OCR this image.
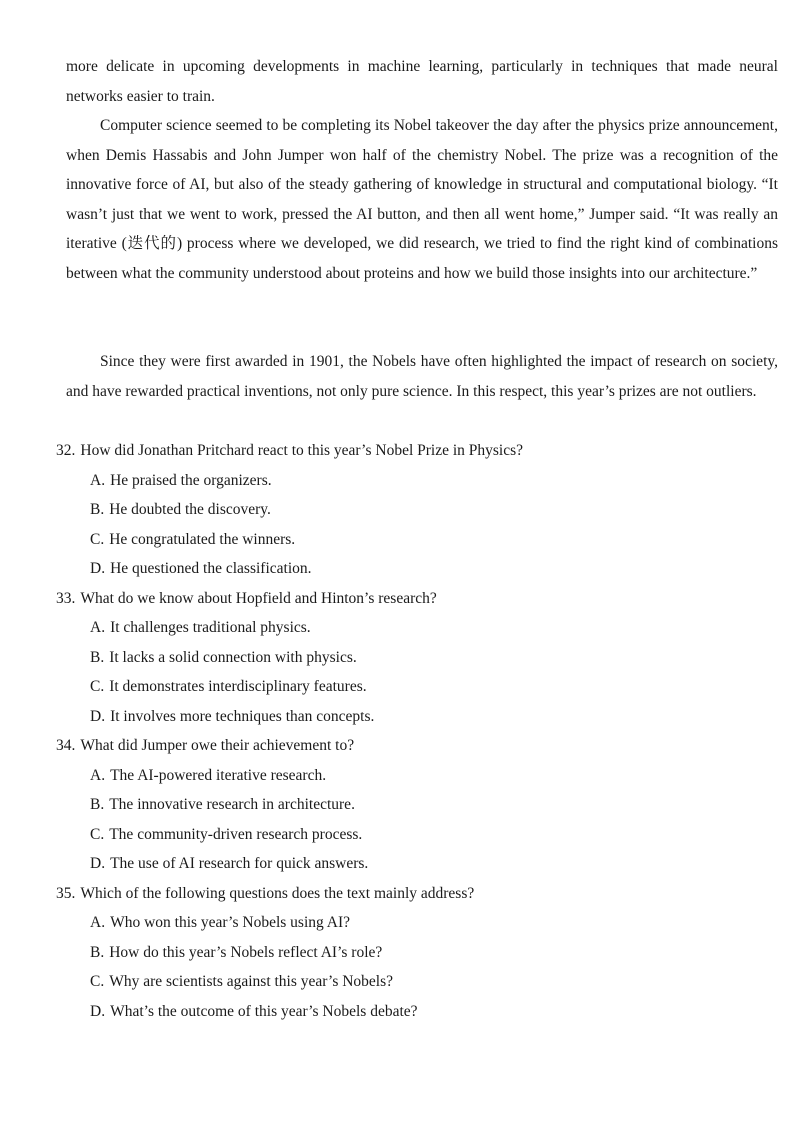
more delicate in upcoming developments in machine learning, particularly in techniques that made neural networks easier to train.

Computer science seemed to be completing its Nobel takeover the day after the physics prize announcement, when Demis Hassabis and John Jumper won half of the chemistry Nobel. The prize was a recognition of the innovative force of AI, but also of the steady gathering of knowledge in structural and computational biology. “It wasn’t just that we went to work, pressed the AI button, and then all went home,” Jumper said. “It was really an iterative (迭代的) process where we developed, we did research, we tried to find the right kind of combinations between what the community understood about proteins and how we build those insights into our architecture.”

Since they were first awarded in 1901, the Nobels have often highlighted the impact of research on society, and have rewarded practical inventions, not only pure science. In this respect, this year’s prizes are not outliers.

32. How did Jonathan Pritchard react to this year’s Nobel Prize in Physics?
A. He praised the organizers.
B. He doubted the discovery.
C. He congratulated the winners.
D. He questioned the classification.
33. What do we know about Hopfield and Hinton’s research?
A. It challenges traditional physics.
B. It lacks a solid connection with physics.
C. It demonstrates interdisciplinary features.
D. It involves more techniques than concepts.
34. What did Jumper owe their achievement to?
A. The AI-powered iterative research.
B. The innovative research in architecture.
C. The community-driven research process.
D. The use of AI research for quick answers.
35. Which of the following questions does the text mainly address?
A. Who won this year’s Nobels using AI?
B. How do this year’s Nobels reflect AI’s role?
C. Why are scientists against this year’s Nobels?
D. What’s the outcome of this year’s Nobels debate?
